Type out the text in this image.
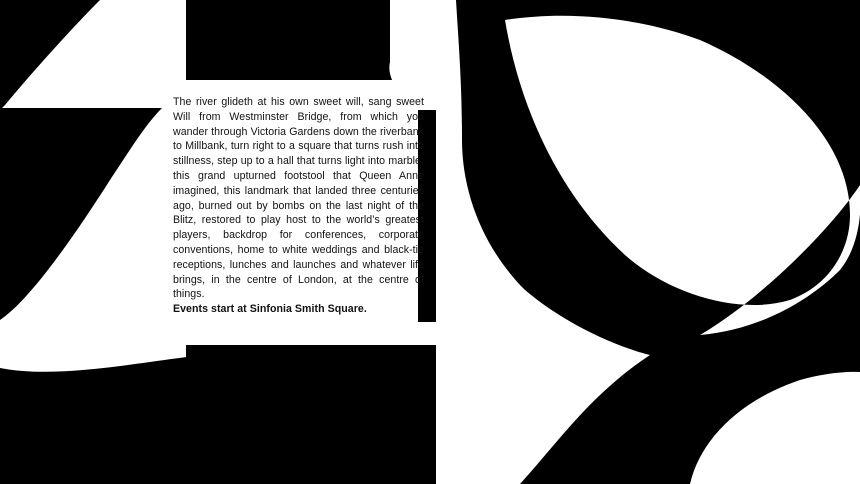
The river glideth at his own sweet will, sang sweet Will from Westminster Bridge, from which you wander through Victoria Gardens down the riverbank to Millbank, turn right to a square that turns rush into stillness, step up to a hall that turns light into marble, this grand upturned footstool that Queen Anne imagined, this landmark that landed three centuries ago, burned out by bombs on the last night of the Blitz, restored to play host to the world’s greatest players, backdrop for conferences, corporate conventions, home to white weddings and black-tie receptions, lunches and launches and whatever life brings, in the centre of London, at the centre of things.

Events start at Sinfonia Smith Square.
